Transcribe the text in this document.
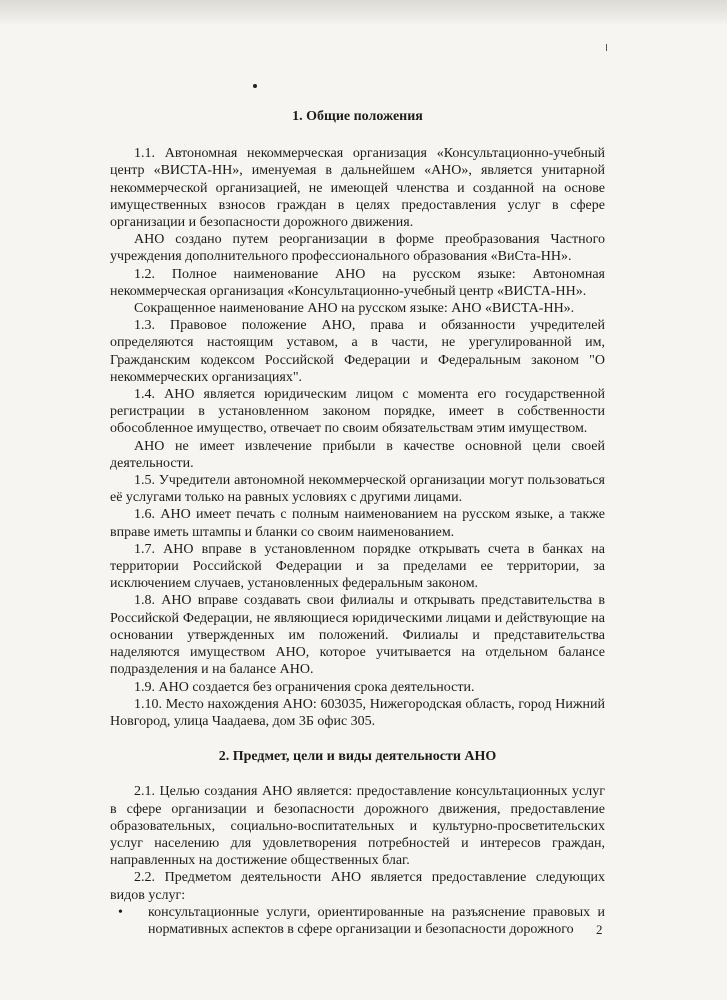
1. Общие положения

1.1. Автономная некоммерческая организация «Консультационно-учебный центр «ВИСТА-НН», именуемая в дальнейшем «АНО», является унитарной некоммерческой организацией, не имеющей членства и созданной на основе имущественных взносов граждан в целях предоставления услуг в сфере организации и безопасности дорожного движения.

АНО создано путем реорганизации в форме преобразования Частного учреждения дополнительного профессионального образования «ВиСта-НН».

1.2. Полное наименование АНО на русском языке: Автономная некоммерческая организация «Консультационно-учебный центр «ВИСТА-НН».

Сокращенное наименование АНО на русском языке: АНО «ВИСТА-НН».

1.3. Правовое положение АНО, права и обязанности учредителей определяются настоящим уставом, а в части, не урегулированной им, Гражданским кодексом Российской Федерации и Федеральным законом "О некоммерческих организациях".

1.4. АНО является юридическим лицом с момента его государственной регистрации в установленном законом порядке, имеет в собственности обособленное имущество, отвечает по своим обязательствам этим имуществом.

АНО не имеет извлечение прибыли в качестве основной цели своей деятельности.

1.5. Учредители автономной некоммерческой организации могут пользоваться её услугами только на равных условиях с другими лицами.

1.6. АНО имеет печать с полным наименованием на русском языке, а также вправе иметь штампы и бланки со своим наименованием.

1.7. АНО вправе в установленном порядке открывать счета в банках на территории Российской Федерации и за пределами ее территории, за исключением случаев, установленных федеральным законом.

1.8. АНО вправе создавать свои филиалы и открывать представительства в Российской Федерации, не являющиеся юридическими лицами и действующие на основании утвержденных им положений. Филиалы и представительства наделяются имуществом АНО, которое учитывается на отдельном балансе подразделения и на балансе АНО.

1.9. АНО создается без ограничения срока деятельности.

1.10. Место нахождения АНО: 603035, Нижегородская область, город Нижний Новгород, улица Чаадаева, дом 3Б офис 305.

2. Предмет, цели и виды деятельности АНО

2.1. Целью создания АНО является: предоставление консультационных услуг в сфере организации и безопасности дорожного движения, предоставление образовательных, социально-воспитательных и культурно-просветительских услуг населению для удовлетворения потребностей и интересов граждан, направленных на достижение общественных благ.

2.2. Предметом деятельности АНО является предоставление следующих видов услуг:

• консультационные услуги, ориентированные на разъяснение правовых и нормативных аспектов в сфере организации и безопасности дорожного	2
